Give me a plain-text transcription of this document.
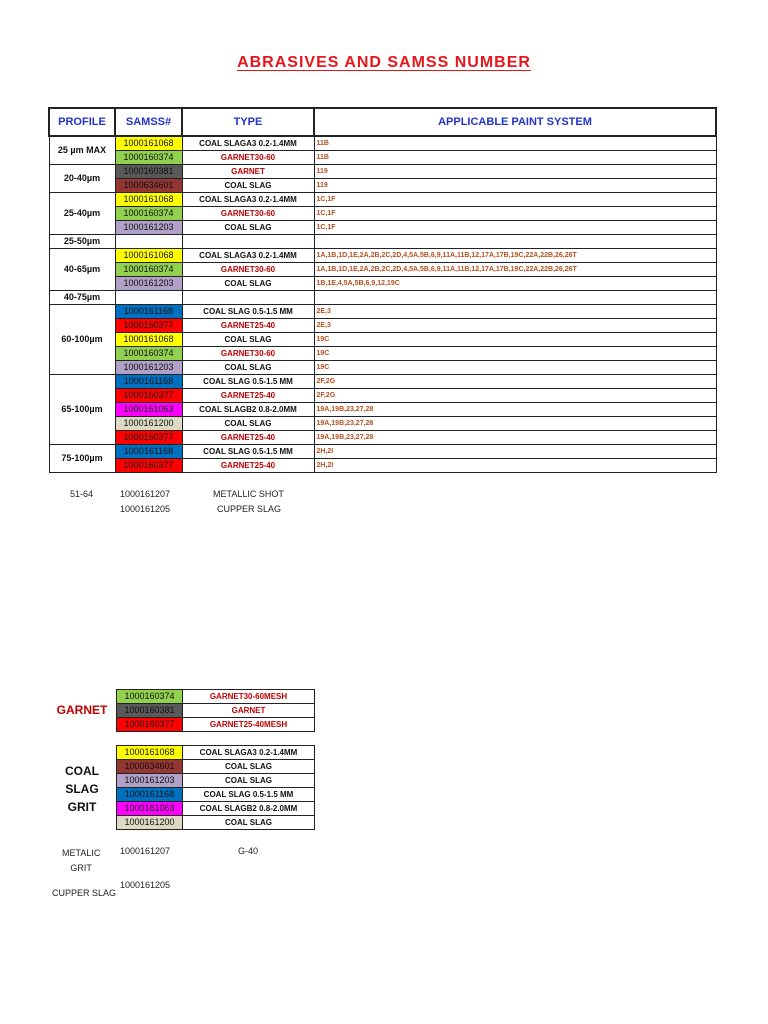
ABRASIVES AND SAMSS NUMBER
PROFILE	SAMSS#	TYPE	APPLICABLE PAINT SYSTEM
25 µm MAX	1000161068	COAL SLAGA3 0.2-1.4MM	11B
	1000160374	GARNET30-60	11B
20-40µm	1000160381	GARNET	119
	1000634601	COAL SLAG	119
25-40µm	1000161068	COAL SLAGA3 0.2-1.4MM	1C,1F
	1000160374	GARNET30-60	1C,1F
	1000161203	COAL SLAG	1C,1F
25-50µm			
40-65µm	1000161068	COAL SLAGA3 0.2-1.4MM	1A,1B,1D,1E,2A,2B,2C,2D,4,5A,5B,6,9,11A,11B,12,17A,17B,19C,22A,22B,26,26T
	1000160374	GARNET30-60	1A,1B,1D,1E,2A,2B,2C,2D,4,5A,5B,6,9,11A,11B,12,17A,17B,19C,22A,22B,26,26T
	1000161203	COAL SLAG	1B,1E,4,5A,5B,6,9,12,19C
40-75µm			
60-100µm	1000161168	COAL SLAG 0.5-1.5 MM	2E,3
	1000160377	GARNET25-40	2E,3
	1000161068	COAL SLAG	19C
	1000160374	GARNET30-60	19C
	1000161203	COAL SLAG	19C
65-100µm	1000161168	COAL SLAG 0.5-1.5 MM	2F,2G
	1000160377	GARNET25-40	2F,2G
	1000161063	COAL SLAGB2 0.8-2.0MM	19A,19B,23,27,28
	1000161200	COAL SLAG	19A,19B,23,27,28
	1000160377	GARNET25-40	19A,19B,23,27,28
75-100µm	1000161168	COAL SLAG 0.5-1.5 MM	2H,2I
	1000160377	GARNET25-40	2H,2I
51-64	1000161207	METALLIC SHOT
1000161205	CUPPER SLAG
GARNET
1000160374	GARNET30-60MESH
1000160381	GARNET
1000160377	GARNET25-40MESH
COAL
SLAG
GRIT
1000161068	COAL SLAGA3 0.2-1.4MM
1000634601	COAL SLAG
1000161203	COAL SLAG
1000161168	COAL SLAG 0.5-1.5 MM
1000161063	COAL SLAGB2 0.8-2.0MM
1000161200	COAL SLAG
METALIC
GRIT
1000161207	G-40
CUPPER SLAG
1000161205
